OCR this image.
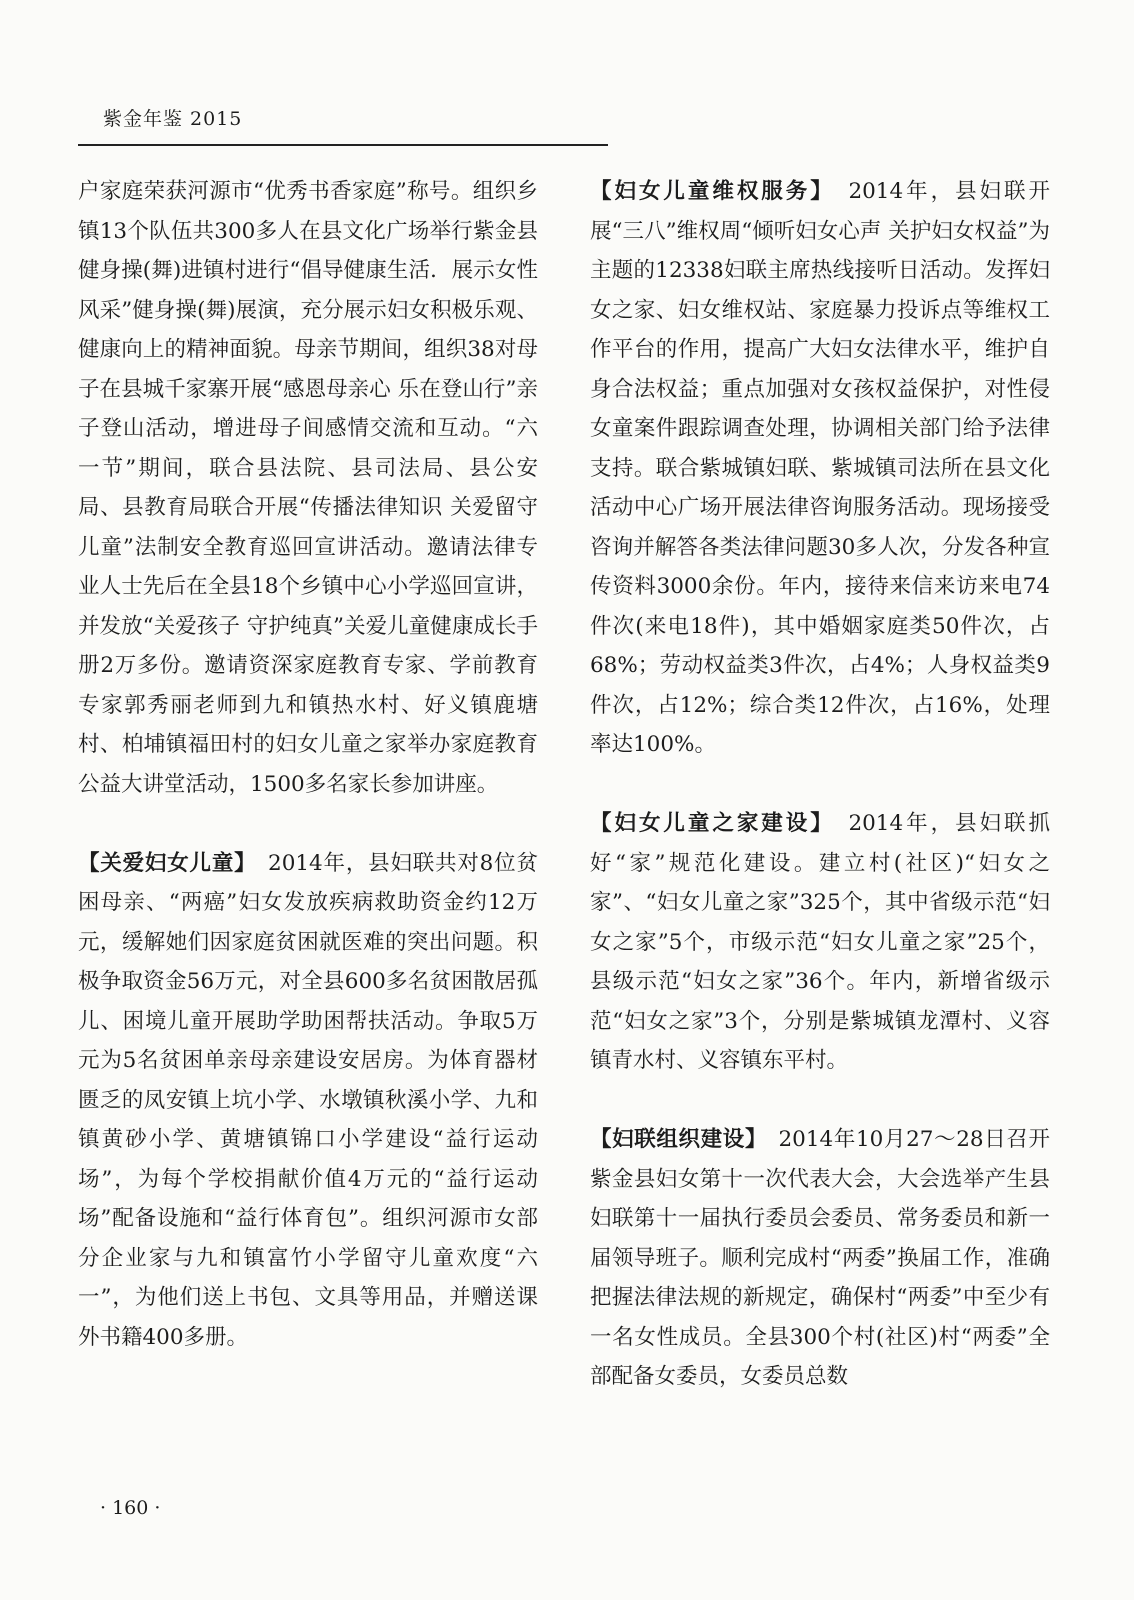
紫金年鉴 2015

户家庭荣获河源市“优秀书香家庭”称号。组织乡镇13个队伍共300多人在县文化广场举行紫金县健身操(舞)进镇村进行“倡导健康生活．展示女性风采”健身操(舞)展演，充分展示妇女积极乐观、健康向上的精神面貌。母亲节期间，组织38对母子在县城千家寨开展“感恩母亲心 乐在登山行”亲子登山活动，增进母子间感情交流和互动。“六一节”期间，联合县法院、县司法局、县公安局、县教育局联合开展“传播法律知识 关爱留守儿童”法制安全教育巡回宣讲活动。邀请法律专业人士先后在全县18个乡镇中心小学巡回宣讲，并发放“关爱孩子 守护纯真”关爱儿童健康成长手册2万多份。邀请资深家庭教育专家、学前教育专家郭秀丽老师到九和镇热水村、好义镇鹿塘村、柏埔镇福田村的妇女儿童之家举办家庭教育公益大讲堂活动，1500多名家长参加讲座。

【关爱妇女儿童】　 2014年，县妇联共对8位贫困母亲、“两癌”妇女发放疾病救助资金约12万元，缓解她们因家庭贫困就医难的突出问题。积极争取资金56万元，对全县600多名贫困散居孤儿、困境儿童开展助学助困帮扶活动。争取5万元为5名贫困单亲母亲建设安居房。为体育器材匮乏的凤安镇上坑小学、水墩镇秋溪小学、九和镇黄砂小学、黄塘镇锦口小学建设“益行运动场”，为每个学校捐献价值4万元的“益行运动场”配备设施和“益行体育包”。组织河源市女部分企业家与九和镇富竹小学留守儿童欢度“六一”，为他们送上书包、文具等用品，并赠送课外书籍400多册。

【妇女儿童维权服务】　 2014年，县妇联开展“三八”维权周“倾听妇女心声 关护妇女权益”为主题的12338妇联主席热线接听日活动。发挥妇女之家、妇女维权站、家庭暴力投诉点等维权工作平台的作用，提高广大妇女法律水平，维护自身合法权益；重点加强对女孩权益保护，对性侵女童案件跟踪调查处理，协调相关部门给予法律支持。联合紫城镇妇联、紫城镇司法所在县文化活动中心广场开展法律咨询服务活动。现场接受咨询并解答各类法律问题30多人次，分发各种宣传资料3000余份。年内，接待来信来访来电74件次(来电18件)，其中婚姻家庭类50件次，占68%；劳动权益类3件次，占4%；人身权益类9件次，占12%；综合类12件次，占16%，处理率达100%。

【妇女儿童之家建设】　 2014年，县妇联抓好“家”规范化建设。建立村(社区)“妇女之家”、“妇女儿童之家”325个，其中省级示范“妇女之家”5个，市级示范“妇女儿童之家”25个，县级示范“妇女之家”36个。年内，新增省级示范“妇女之家”3个，分别是紫城镇龙潭村、义容镇青水村、义容镇东平村。

【妇联组织建设】　 2014年10月27～28日召开紫金县妇女第十一次代表大会，大会选举产生县妇联第十一届执行委员会委员、常务委员和新一届领导班子。顺利完成村“两委”换届工作，准确把握法律法规的新规定，确保村“两委”中至少有一名女性成员。全县300个村(社区)村“两委”全部配备女委员，女委员总数

· 160 ·
